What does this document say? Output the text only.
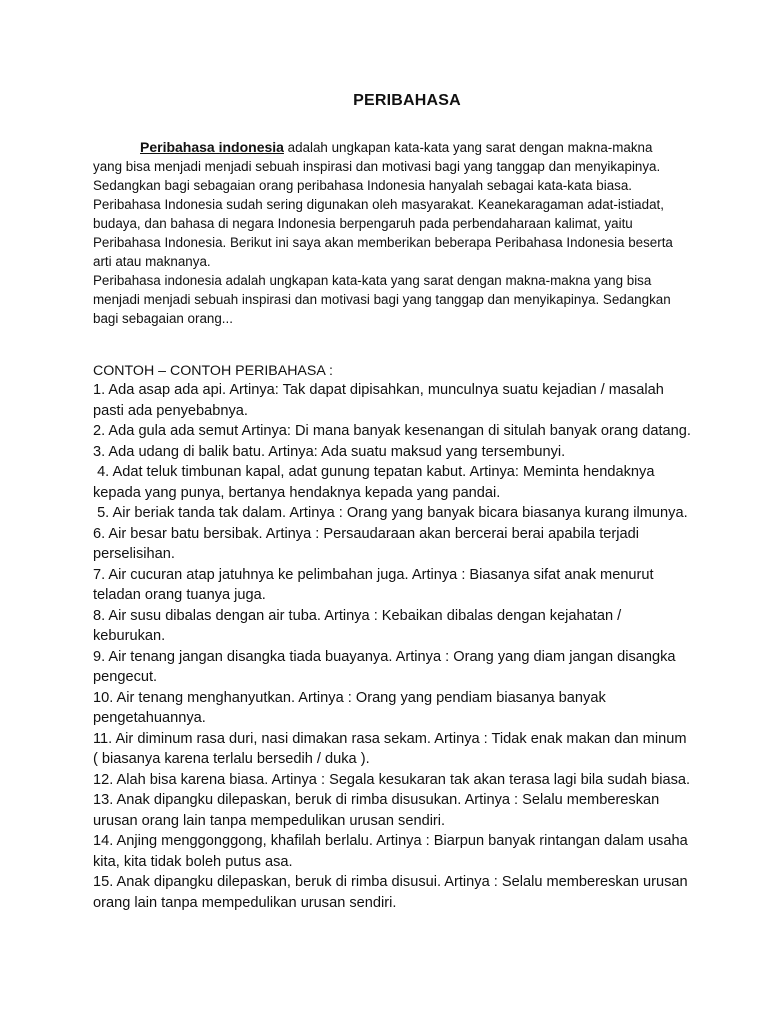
PERIBAHASA

Peribahasa indonesia adalah ungkapan kata-kata yang sarat dengan makna-makna yang bisa menjadi menjadi sebuah inspirasi dan motivasi bagi yang tanggap dan menyikapinya. Sedangkan bagi sebagaian orang peribahasa Indonesia hanyalah sebagai kata-kata biasa.

Peribahasa Indonesia sudah sering digunakan oleh masyarakat. Keanekaragaman adat-istiadat, budaya, dan bahasa di negara Indonesia berpengaruh pada perbendaharaan kalimat, yaitu Peribahasa Indonesia. Berikut ini saya akan memberikan beberapa Peribahasa Indonesia beserta arti atau maknanya.

Peribahasa indonesia adalah ungkapan kata-kata yang sarat dengan makna-makna yang bisa menjadi menjadi sebuah inspirasi dan motivasi bagi yang tanggap dan menyikapinya. Sedangkan bagi sebagaian orang...

CONTOH – CONTOH PERIBAHASA :

1. Ada asap ada api. Artinya: Tak dapat dipisahkan, munculnya suatu kejadian / masalah pasti ada penyebabnya.
2. Ada gula ada semut Artinya: Di mana banyak kesenangan di situlah banyak orang datang.
3. Ada udang di balik batu. Artinya: Ada suatu maksud yang tersembunyi.
4. Adat teluk timbunan kapal, adat gunung tepatan kabut. Artinya: Meminta hendaknya kepada yang punya, bertanya hendaknya kepada yang pandai.
5. Air beriak tanda tak dalam. Artinya : Orang yang banyak bicara biasanya kurang ilmunya.
6. Air besar batu bersibak. Artinya : Persaudaraan akan bercerai berai apabila terjadi perselisihan.
7. Air cucuran atap jatuhnya ke pelimbahan juga. Artinya : Biasanya sifat anak menurut teladan orang tuanya juga.
8. Air susu dibalas dengan air tuba. Artinya : Kebaikan dibalas dengan kejahatan / keburukan.
9. Air tenang jangan disangka tiada buayanya. Artinya : Orang yang diam jangan disangka pengecut.
10. Air tenang menghanyutkan. Artinya : Orang yang pendiam biasanya banyak pengetahuannya.
11. Air diminum rasa duri, nasi dimakan rasa sekam. Artinya : Tidak enak makan dan minum ( biasanya karena terlalu bersedih / duka ).
12. Alah bisa karena biasa. Artinya : Segala kesukaran tak akan terasa lagi bila sudah biasa.
13. Anak dipangku dilepaskan, beruk di rimba disusukan. Artinya : Selalu membereskan urusan orang lain tanpa mempedulikan urusan sendiri.
14. Anjing menggonggong, khafilah berlalu. Artinya : Biarpun banyak rintangan dalam usaha kita, kita tidak boleh putus asa.
15. Anak dipangku dilepaskan, beruk di rimba disusui. Artinya : Selalu membereskan urusan orang lain tanpa mempedulikan urusan sendiri.
